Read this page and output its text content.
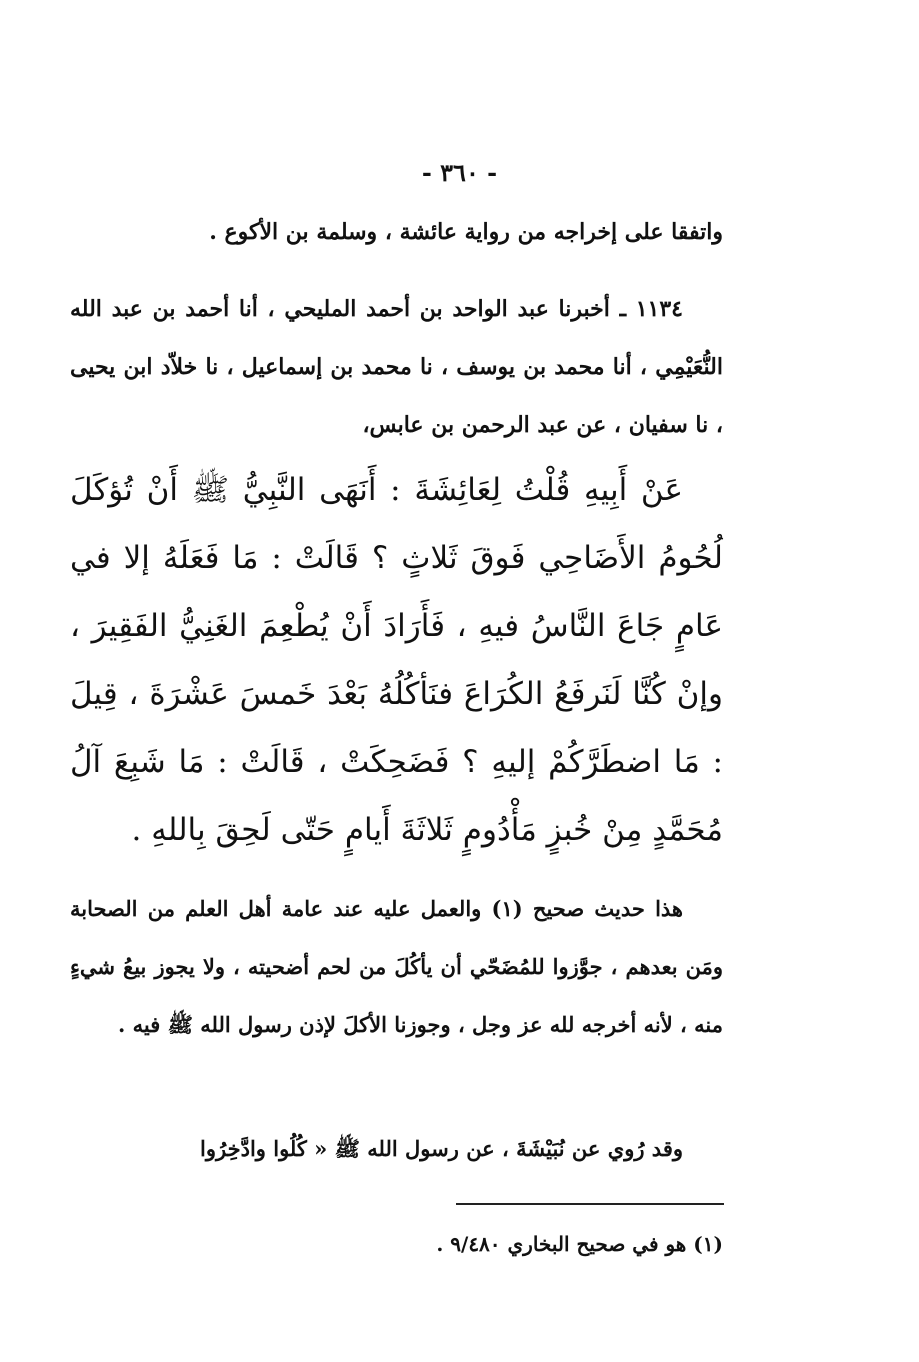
- ٣٦٠ -

واتفقا على إخراجه من رواية عائشة ، وسلمة بن الأكوع .

١١٣٤ ـ أخبرنا عبد الواحد بن أحمد المليحي ، أنا أحمد بن عبد الله النُّعَيْمِي ، أنا محمد بن يوسف ، نا محمد بن إسماعيل ، نا خلاّد ابن يحيى ، نا سفيان ، عن عبد الرحمن بن عابس،

عَنْ أَبِيهِ قُلْتُ لِعَائِشَةَ : أَنَهَى النَّبِيُّ ﷺ أَنْ تُؤكَلَ لُحُومُ الأَضَاحِي فَوقَ ثَلاثٍ ؟ قَالَتْ : مَا فَعَلَهُ إلا في عَامٍ جَاعَ النَّاسُ فيهِ ، فَأَرَادَ أَنْ يُطْعِمَ الغَنِيُّ الفَقِيرَ ، وإنْ كُنَّا لَنَرفَعُ الكُرَاعَ فنَأكُلُهُ بَعْدَ خَمسَ عَشْرَةَ ، قِيلَ : مَا اضطَرَّكُمْ إليهِ ؟ فَضَحِكَتْ ، قَالَتْ : مَا شَبِعَ آلُ مُحَمَّدٍ مِنْ خُبزٍ مَأْدُومٍ ثَلاثَةَ أَيامٍ حَتّى لَحِقَ بِاللهِ .

هذا حديث صحيح (١) والعمل عليه عند عامة أهل العلم من الصحابة ومَن بعدهم ، جوَّزوا للمُضَحّي أن يأكُلَ من لحم أضحيته ، ولا يجوز بيعُ شيءٍ منه ، لأنه أخرجه لله عز وجل ، وجوزنا الأكلَ لإذن رسول الله ﷺ فيه .

وقد رُوي عن نُبَيْشَةَ ، عن رسول الله ﷺ « كُلُوا وادَّخِرُوا

(١) هو في صحيح البخاري ٩/٤٨٠ .
